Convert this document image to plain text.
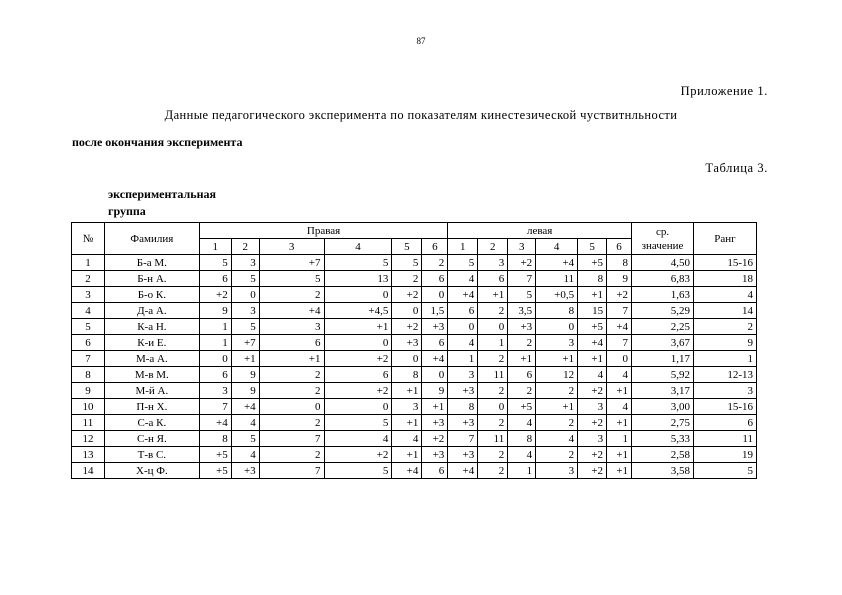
87
Приложение 1.
Данные педагогического эксперимента по показателям кинестезической чуствитнльности
после окончания эксперимента
Таблица 3.
экспериментальная
группа
№	Фамилия	Правая						левая						ср.
значение	Ранг
		1	2	3	4	5	6	1	2	3	4	5	6		
1	Б-а М.	5	3	+7	5	5	2	5	3	+2	+4	+5	8	4,50	15-16
2	Б-н А.	6	5	5	13	2	6	4	6	7	11	8	9	6,83	18
3	Б-о К.	+2	0	2	0	+2	0	+4	+1	5	+0,5	+1	+2	1,63	4
4	Д-а А.	9	3	+4	+4,5	0	1,5	6	2	3,5	8	15	7	5,29	14
5	К-а Н.	1	5	3	+1	+2	+3	0	0	+3	0	+5	+4	2,25	2
6	К-и Е.	1	+7	6	0	+3	6	4	1	2	3	+4	7	3,67	9
7	М-а А.	0	+1	+1	+2	0	+4	1	2	+1	+1	+1	0	1,17	1
8	М-в М.	6	9	2	6	8	0	3	11	6	12	4	4	5,92	12-13
9	М-й А.	3	9	2	+2	+1	9	+3	2	2	2	+2	+1	3,17	3
10	П-н Х.	7	+4	0	0	3	+1	8	0	+5	+1	3	4	3,00	15-16
11	С-а К.	+4	4	2	5	+1	+3	+3	2	4	2	+2	+1	2,75	6
12	С-н Я.	8	5	7	4	4	+2	7	11	8	4	3	1	5,33	11
13	Т-в С.	+5	4	2	+2	+1	+3	+3	2	4	2	+2	+1	2,58	19
14	Х-ц Ф.	+5	+3	7	5	+4	6	+4	2	1	3	+2	+1	3,58	5
